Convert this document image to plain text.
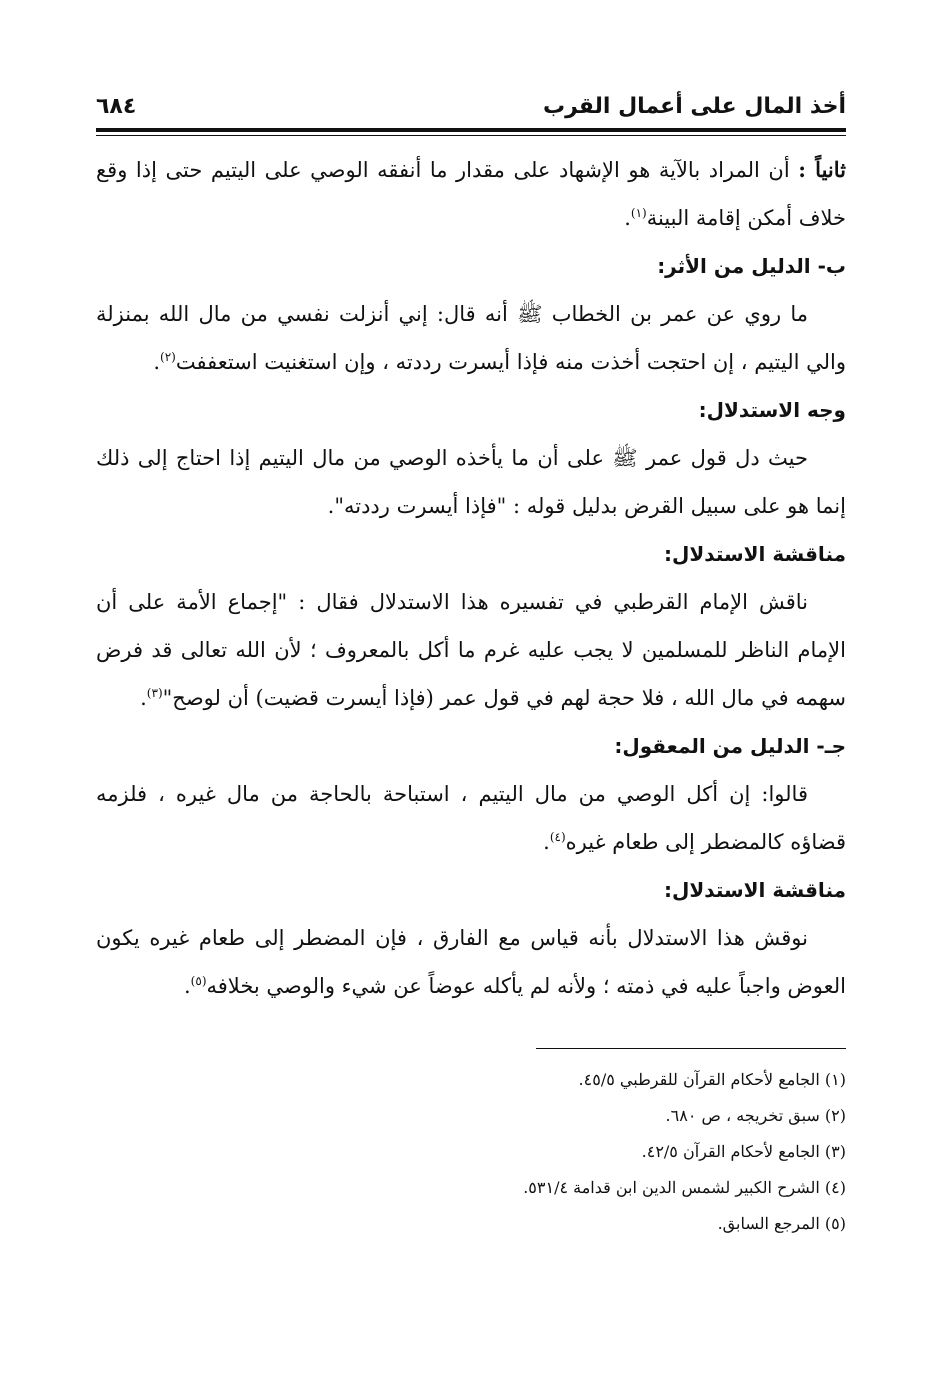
أخذ المال على أعمال القرب
٦٨٤

ثانياً : أن المراد بالآية هو الإشهاد على مقدار ما أنفقه الوصي على اليتيم حتى إذا وقع خلاف أمكن إقامة البينة$^{(١)}$.

ب- الدليل من الأثر:

ما روي عن عمر بن الخطاب ﷺ أنه قال: إني أنزلت نفسي من مال الله بمنزلة والي اليتيم ، إن احتجت أخذت منه فإذا أيسرت رددته ، وإن استغنيت استعففت$^{(٢)}$.

وجه الاستدلال:

حيث دل قول عمر ﷺ على أن ما يأخذه الوصي من مال اليتيم إذا احتاج إلى ذلك إنما هو على سبيل القرض بدليل قوله : "فإذا أيسرت رددته".

مناقشة الاستدلال:

ناقش الإمام القرطبي في تفسيره هذا الاستدلال فقال : "إجماع الأمة على أن الإمام الناظر للمسلمين لا يجب عليه غرم ما أكل بالمعروف ؛ لأن الله تعالى قد فرض سهمه في مال الله ، فلا حجة لهم في قول عمر (فإذا أيسرت قضيت) أن لوصح"$^{(٣)}$.

جـ- الدليل من المعقول:

قالوا: إن أكل الوصي من مال اليتيم ، استباحة بالحاجة من مال غيره ، فلزمه قضاؤه كالمضطر إلى طعام غيره$^{(٤)}$.

مناقشة الاستدلال:

نوقش هذا الاستدلال بأنه قياس مع الفارق ، فإن المضطر إلى طعام غيره يكون العوض واجباً عليه في ذمته ؛ ولأنه لم يأكله عوضاً عن شيء والوصي بخلافه$^{(٥)}$.

(١) الجامع لأحكام القرآن للقرطبي ٤٥/٥.
(٢) سبق تخريجه ، ص ٦٨٠.
(٣) الجامع لأحكام القرآن ٤٢/٥.
(٤) الشرح الكبير لشمس الدين ابن قدامة ٥٣١/٤.
(٥) المرجع السابق.
